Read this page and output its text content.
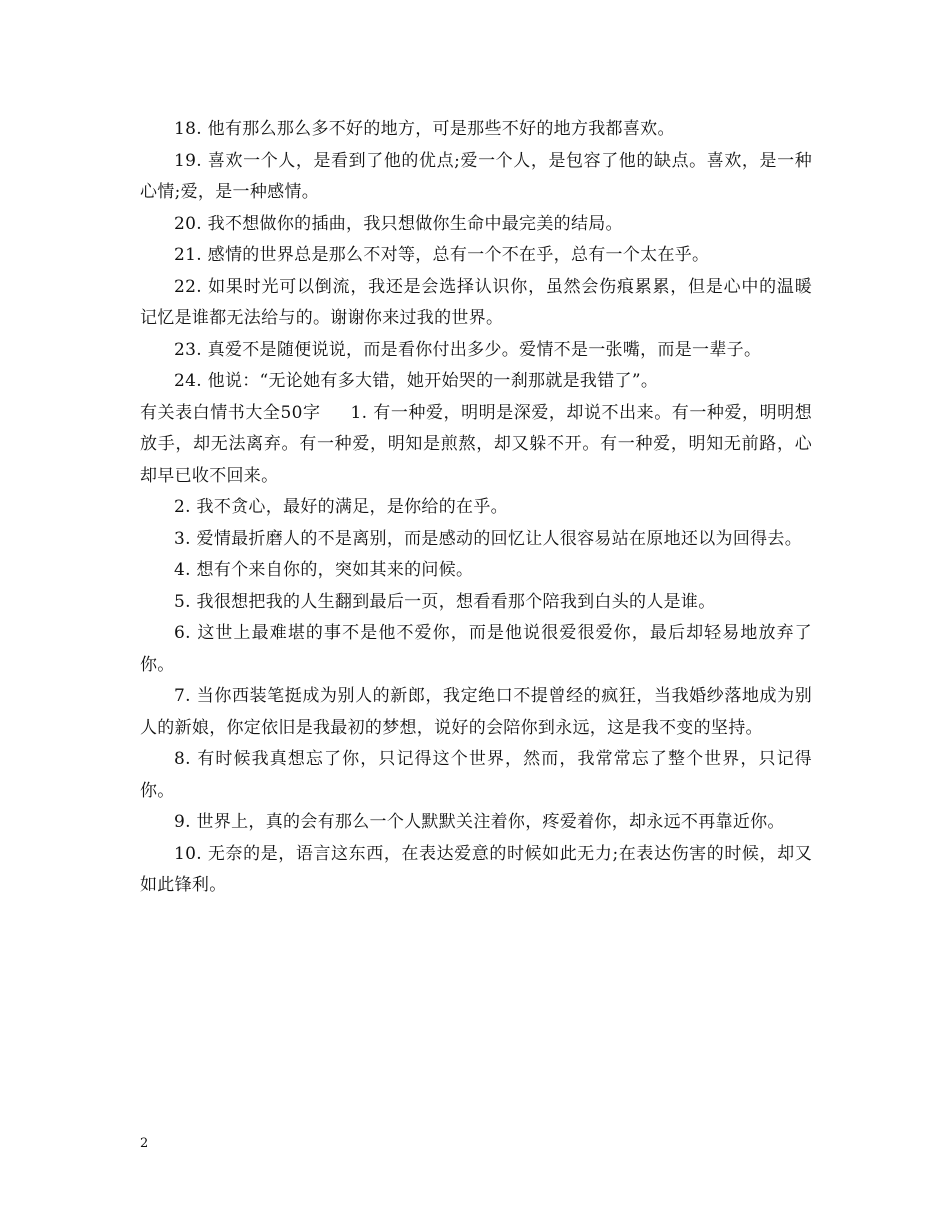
18. 他有那么那么多不好的地方，可是那些不好的地方我都喜欢。

19. 喜欢一个人，是看到了他的优点;爱一个人，是包容了他的缺点。喜欢，是一种心情;爱，是一种感情。

20. 我不想做你的插曲，我只想做你生命中最完美的结局。

21. 感情的世界总是那么不对等，总有一个不在乎，总有一个太在乎。

22. 如果时光可以倒流，我还是会选择认识你，虽然会伤痕累累，但是心中的温暖记忆是谁都无法给与的。谢谢你来过我的世界。

23. 真爱不是随便说说，而是看你付出多少。爱情不是一张嘴，而是一辈子。

24. 他说：“无论她有多大错，她开始哭的一刹那就是我错了”。

有关表白情书大全50字 1. 有一种爱，明明是深爱，却说不出来。有一种爱，明明想放手，却无法离弃。有一种爱，明知是煎熬，却又躲不开。有一种爱，明知无前路，心却早已收不回来。

2. 我不贪心，最好的满足，是你给的在乎。

3. 爱情最折磨人的不是离别，而是感动的回忆让人很容易站在原地还以为回得去。

4. 想有个来自你的，突如其来的问候。

5. 我很想把我的人生翻到最后一页，想看看那个陪我到白头的人是谁。

6. 这世上最难堪的事不是他不爱你，而是他说很爱很爱你，最后却轻易地放弃了你。

7. 当你西装笔挺成为别人的新郎，我定绝口不提曾经的疯狂，当我婚纱落地成为别人的新娘，你定依旧是我最初的梦想，说好的会陪你到永远，这是我不变的坚持。

8. 有时候我真想忘了你，只记得这个世界，然而，我常常忘了整个世界，只记得你。

9. 世界上，真的会有那么一个人默默关注着你，疼爱着你，却永远不再靠近你。

10. 无奈的是，语言这东西，在表达爱意的时候如此无力;在表达伤害的时候，却又如此锋利。

2
